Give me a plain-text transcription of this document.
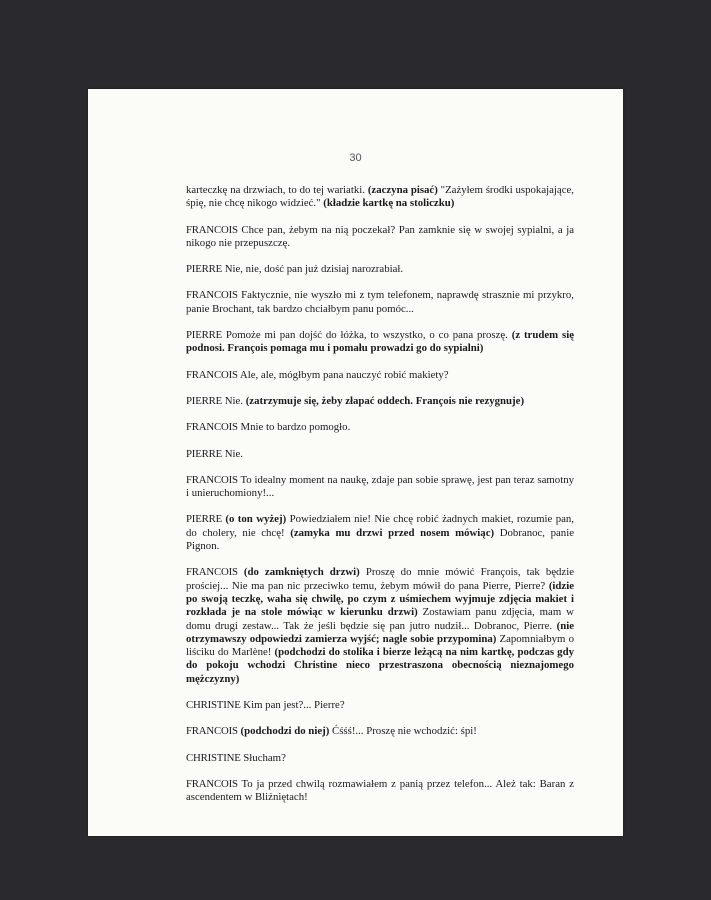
30

karteczkę na drzwiach, to do tej wariatki. (zaczyna pisać) "Zażyłem środki uspokajające, śpię, nie chcę nikogo widzieć." (kładzie kartkę na stoliczku)

FRANCOIS Chce pan, żebym na nią poczekał? Pan zamknie się w swojej sypialni, a ja nikogo nie przepuszczę.

PIERRE Nie, nie, dość pan już dzisiaj narozrabiał.

FRANCOIS Faktycznie, nie wyszło mi z tym telefonem, naprawdę strasznie mi przykro, panie Brochant, tak bardzo chciałbym panu pomóc...

PIERRE Pomoże mi pan dojść do łóżka, to wszystko, o co pana proszę. (z trudem się podnosi. François pomaga mu i pomału prowadzi go do sypialni)

FRANCOIS Ale, ale, mógłbym pana nauczyć robić makiety?

PIERRE Nie. (zatrzymuje się, żeby złapać oddech. François nie rezygnuje)

FRANCOIS Mnie to bardzo pomogło.

PIERRE Nie.

FRANCOIS To idealny moment na naukę, zdaje pan sobie sprawę, jest pan teraz samotny i unieruchomiony!...

PIERRE (o ton wyżej) Powiedziałem nie! Nie chcę robić żadnych makiet, rozumie pan, do cholery, nie chcę! (zamyka mu drzwi przed nosem mówiąc) Dobranoc, panie Pignon.

FRANCOIS (do zamkniętych drzwi) Proszę do mnie mówić François, tak będzie prościej... Nie ma pan nic przeciwko temu, żebym mówił do pana Pierre, Pierre? (idzie po swoją teczkę, waha się chwilę, po czym z uśmiechem wyjmuje zdjęcia makiet i rozkłada je na stole mówiąc w kierunku drzwi) Zostawiam panu zdjęcia, mam w domu drugi zestaw... Tak że jeśli będzie się pan jutro nudził... Dobranoc, Pierre. (nie otrzymawszy odpowiedzi zamierza wyjść; nagle sobie przypomina) Zapomniałbym o liściku do Marlène! (podchodzi do stolika i bierze leżącą na nim kartkę, podczas gdy do pokoju wchodzi Christine nieco przestraszona obecnością nieznajomego mężczyzny)

CHRISTINE Kim pan jest?... Pierre?

FRANCOIS (podchodzi do niej) Ćśśś!... Proszę nie wchodzić: śpi!

CHRISTINE Słucham?

FRANCOIS To ja przed chwilą rozmawiałem z panią przez telefon... Ależ tak: Baran z ascendentem w Bliźniętach!
